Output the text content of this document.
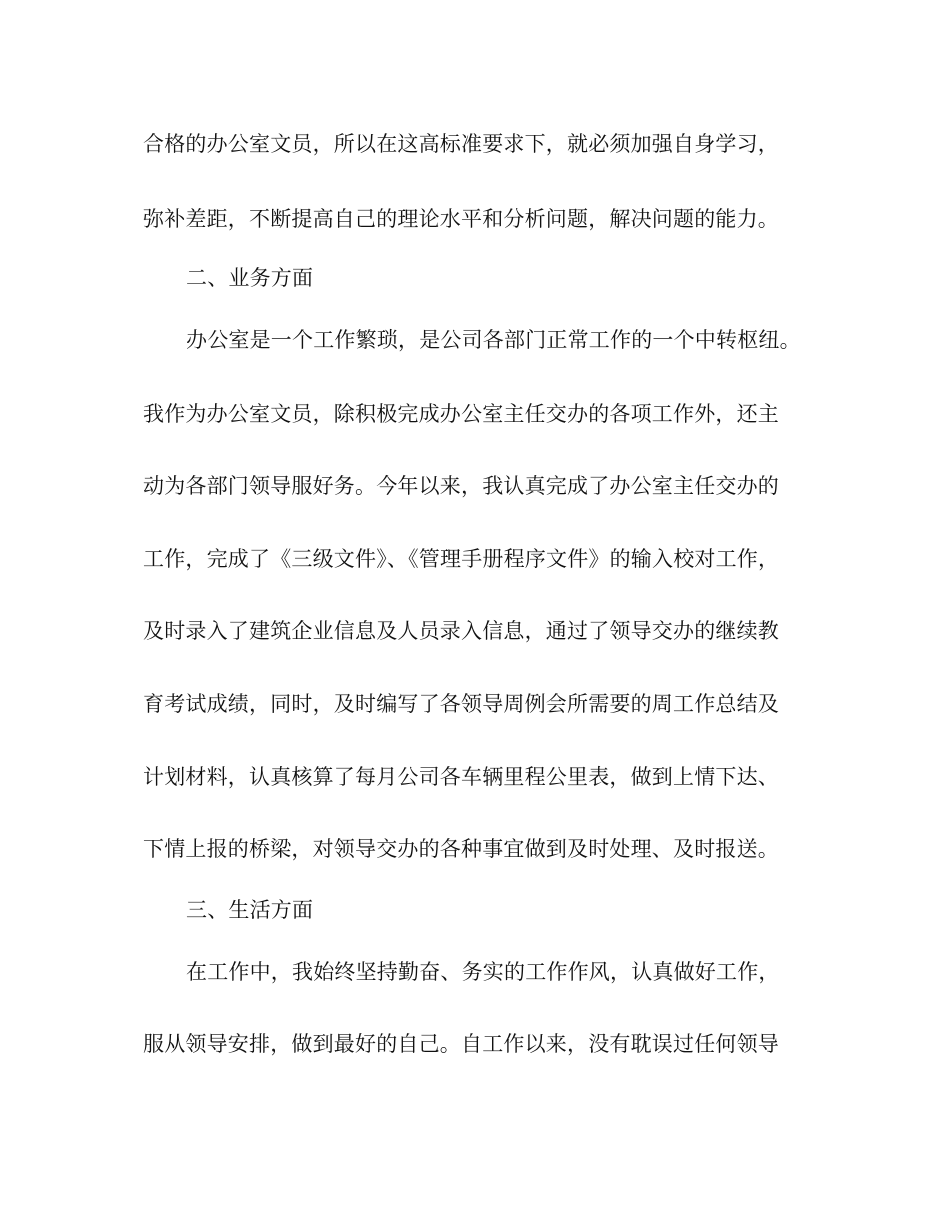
合格的办公室文员，所以在这高标准要求下，就必须加强自身学习，

弥补差距，不断提高自己的理论水平和分析问题，解决问题的能力。

二、业务方面

办公室是一个工作繁琐，是公司各部门正常工作的一个中转枢纽。

我作为办公室文员，除积极完成办公室主任交办的各项工作外，还主

动为各部门领导服好务。今年以来，我认真完成了办公室主任交办的

工作，完成了《三级文件》、《管理手册程序文件》的输入校对工作，

及时录入了建筑企业信息及人员录入信息，通过了领导交办的继续教

育考试成绩，同时，及时编写了各领导周例会所需要的周工作总结及

计划材料，认真核算了每月公司各车辆里程公里表，做到上情下达、

下情上报的桥梁，对领导交办的各种事宜做到及时处理、及时报送。

三、生活方面

在工作中，我始终坚持勤奋、务实的工作作风，认真做好工作，

服从领导安排，做到最好的自己。自工作以来，没有耽误过任何领导
